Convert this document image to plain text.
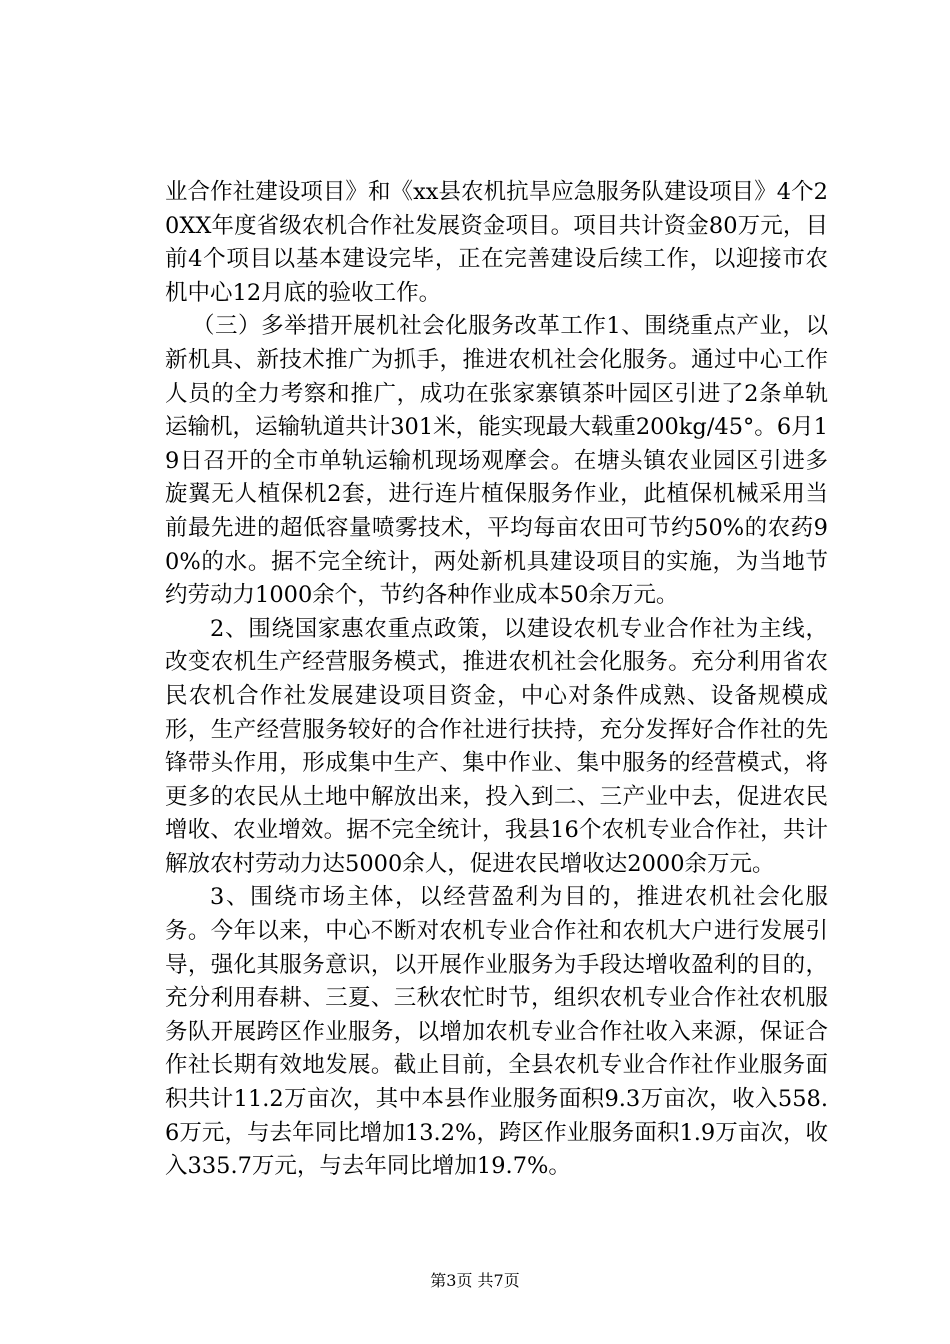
业合作社建设项目》和《xx县农机抗旱应急服务队建设项目》4个20XX年度省级农机合作社发展资金项目。项目共计资金80万元，目前4个项目以基本建设完毕，正在完善建设后续工作，以迎接市农机中心12月底的验收工作。

（三）多举措开展机社会化服务改革工作1、围绕重点产业，以新机具、新技术推广为抓手，推进农机社会化服务。通过中心工作人员的全力考察和推广，成功在张家寨镇茶叶园区引进了2条单轨运输机，运输轨道共计301米，能实现最大载重200kg/45°。6月19日召开的全市单轨运输机现场观摩会。在塘头镇农业园区引进多旋翼无人植保机2套，进行连片植保服务作业，此植保机械采用当前最先进的超低容量喷雾技术，平均每亩农田可节约50%的农药90%的水。据不完全统计，两处新机具建设项目的实施，为当地节约劳动力1000余个，节约各种作业成本50余万元。

2、围绕国家惠农重点政策，以建设农机专业合作社为主线，改变农机生产经营服务模式，推进农机社会化服务。充分利用省农民农机合作社发展建设项目资金，中心对条件成熟、设备规模成形，生产经营服务较好的合作社进行扶持，充分发挥好合作社的先锋带头作用，形成集中生产、集中作业、集中服务的经营模式，将更多的农民从土地中解放出来，投入到二、三产业中去，促进农民增收、农业增效。据不完全统计，我县16个农机专业合作社，共计解放农村劳动力达5000余人，促进农民增收达2000余万元。

3、围绕市场主体，以经营盈利为目的，推进农机社会化服务。今年以来，中心不断对农机专业合作社和农机大户进行发展引导，强化其服务意识，以开展作业服务为手段达增收盈利的目的，充分利用春耕、三夏、三秋农忙时节，组织农机专业合作社农机服务队开展跨区作业服务，以增加农机专业合作社收入来源，保证合作社长期有效地发展。截止目前，全县农机专业合作社作业服务面积共计11.2万亩次，其中本县作业服务面积9.3万亩次，收入558.6万元，与去年同比增加13.2%，跨区作业服务面积1.9万亩次，收入335.7万元，与去年同比增加19.7%。

第3页 共7页
